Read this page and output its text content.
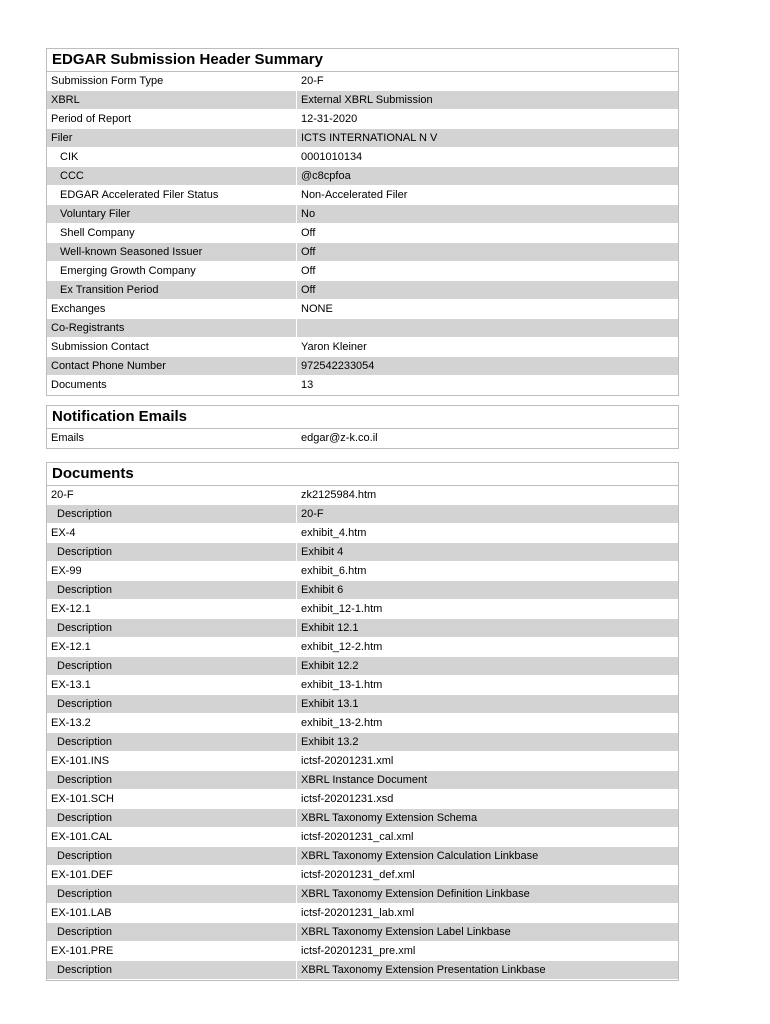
EDGAR Submission Header Summary
Submission Form Type	20-F
XBRL	External XBRL Submission
Period of Report	12-31-2020
Filer	ICTS INTERNATIONAL N V
CIK	0001010134
CCC	@c8cpfoa
EDGAR Accelerated Filer Status	Non-Accelerated Filer
Voluntary Filer	No
Shell Company	Off
Well-known Seasoned Issuer	Off
Emerging Growth Company	Off
Ex Transition Period	Off
Exchanges	NONE
Co-Registrants	
Submission Contact	Yaron Kleiner
Contact Phone Number	972542233054
Documents	13
Notification Emails
Emails	edgar@z-k.co.il
Documents
20-F	zk2125984.htm
Description	20-F
EX-4	exhibit_4.htm
Description	Exhibit 4
EX-99	exhibit_6.htm
Description	Exhibit 6
EX-12.1	exhibit_12-1.htm
Description	Exhibit 12.1
EX-12.1	exhibit_12-2.htm
Description	Exhibit 12.2
EX-13.1	exhibit_13-1.htm
Description	Exhibit 13.1
EX-13.2	exhibit_13-2.htm
Description	Exhibit 13.2
EX-101.INS	ictsf-20201231.xml
Description	XBRL Instance Document
EX-101.SCH	ictsf-20201231.xsd
Description	XBRL Taxonomy Extension Schema
EX-101.CAL	ictsf-20201231_cal.xml
Description	XBRL Taxonomy Extension Calculation Linkbase
EX-101.DEF	ictsf-20201231_def.xml
Description	XBRL Taxonomy Extension Definition Linkbase
EX-101.LAB	ictsf-20201231_lab.xml
Description	XBRL Taxonomy Extension Label Linkbase
EX-101.PRE	ictsf-20201231_pre.xml
Description	XBRL Taxonomy Extension Presentation Linkbase
